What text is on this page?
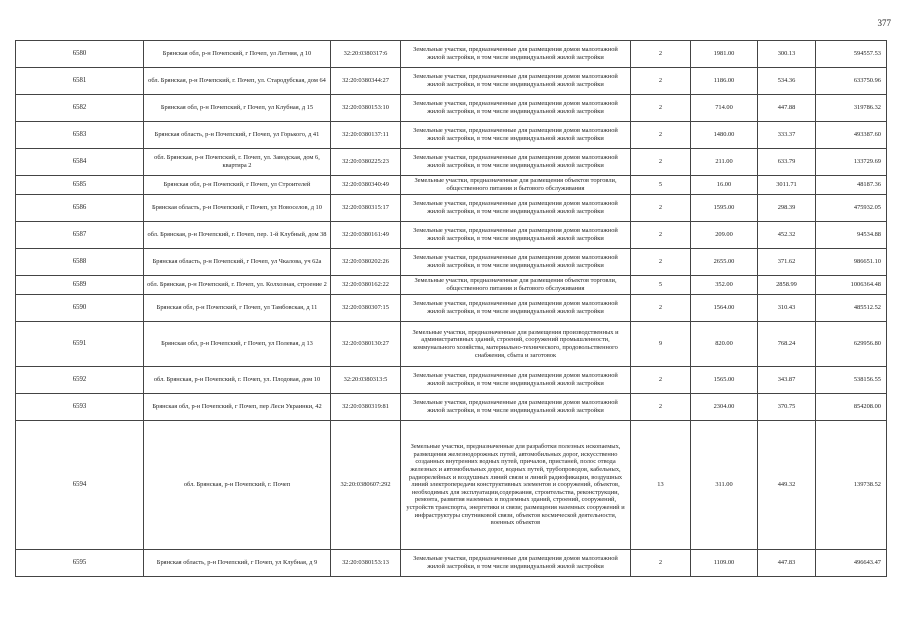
377
6580	Брянская обл, р-н Почепский, г Почеп, ул Летняя, д 10	32:20:0380317:6	Земельные участки, предназначенные для размещения домов малоэтажной жилой застройки, в том числе индивидуальной жилой застройки	2	1981.00	300.13	594557.53
6581	обл. Брянская, р-н Почепский, г. Почеп, ул. Стародубская, дом 64	32:20:0380344:27	Земельные участки, предназначенные для размещения домов малоэтажной жилой застройки, в том числе индивидуальной жилой застройки	2	1186.00	534.36	633750.96
6582	Брянская обл, р-н Почепский, г Почеп, ул Клубная, д 15	32:20:0380153:10	Земельные участки, предназначенные для размещения домов малоэтажной жилой застройки, в том числе индивидуальной жилой застройки	2	714.00	447.88	319786.32
6583	Брянская область, р-н Почепский, г Почеп, ул Горького, д 41	32:20:0380137:11	Земельные участки, предназначенные для размещения домов малоэтажной жилой застройки, в том числе индивидуальной жилой застройки	2	1480.00	333.37	493387.60
6584	обл. Брянская, р-н Почепский, г. Почеп, ул. Заводская, дом 6, квартира 2	32:20:0380225:23	Земельные участки, предназначенные для размещения домов малоэтажной жилой застройки, в том числе индивидуальной жилой застройки	2	211.00	633.79	133729.69
6585	Брянская обл, р-н Почепский, г Почеп, ул Строителей	32:20:0380340:49	Земельные участки, предназначенные для размещения объектов торговли, общественного питания и бытового обслуживания	5	16.00	3011.71	48187.36
6586	Брянская область, р-н Почепский, г Почеп, ул Новоселов, д 10	32:20:0380315:17	Земельные участки, предназначенные для размещения домов малоэтажной жилой застройки, в том числе индивидуальной жилой застройки	2	1595.00	298.39	475932.05
6587	обл. Брянская, р-н Почепский, г. Почеп, пер. 1-й Клубный, дом 38	32:20:0380161:49	Земельные участки, предназначенные для размещения домов малоэтажной жилой застройки, в том числе индивидуальной жилой застройки	2	209.00	452.32	94534.88
6588	Брянская область, р-н Почепский, г Почеп, ул Чкалова, уч 62а	32:20:0380202:26	Земельные участки, предназначенные для размещения домов малоэтажной жилой застройки, в том числе индивидуальной жилой застройки	2	2655.00	371.62	986651.10
6589	обл. Брянская, р-н Почепский, г. Почеп, ул. Колхозная, строение 2	32:20:0380162:22	Земельные участки, предназначенные для размещения объектов торговли, общественного питания и бытового обслуживания	5	352.00	2858.99	1006364.48
6590	Брянская обл, р-н Почепский, г Почеп, ул Тамбовская, д 11	32:20:0380307:15	Земельные участки, предназначенные для размещения домов малоэтажной жилой застройки, в том числе индивидуальной жилой застройки	2	1564.00	310.43	485512.52
6591	Брянская обл, р-н Почепский, г Почеп, ул Полевая, д 13	32:20:0380130:27	Земельные участки, предназначенные для размещения производственных и административных зданий, строений, сооружений промышленности, коммунального хозяйства, материально-технического, продовольственного снабжения, сбыта и заготовок	9	820.00	768.24	629956.80
6592	обл. Брянская, р-н Почепский, г. Почеп, ул. Плодовая, дом 10	32:20:0380313:5	Земельные участки, предназначенные для размещения домов малоэтажной жилой застройки, в том числе индивидуальной жилой застройки	2	1565.00	343.87	538156.55
6593	Брянская обл, р-н Почепский, г Почеп, пер Леси Украинки, 42	32:20:0380319:81	Земельные участки, предназначенные для размещения домов малоэтажной жилой застройки, в том числе индивидуальной жилой застройки	2	2304.00	370.75	854208.00
6594	обл. Брянская, р-н Почепский, г. Почеп	32:20:0380607:292	Земельные участки, предназначенные для разработки полезных ископаемых, размещения железнодорожных путей, автомобильных дорог, искусственно созданных внутренних водных путей, причалов, пристаней, полос отвода железных и автомобильных дорог, водных путей, трубопроводов, кабельных, радиорелейных и воздушных линий связи и линий радиофикации, воздушных линий электропередачи конструктивных элементов и сооружений, объектов, необходимых для эксплуатации,содержания, строительства, реконструкции, ремонта, развития наземных и подземных зданий, строений, сооружений, устройств транспорта, энергетики и связи; размещения наземных сооружений и инфраструктуры спутниковой связи, объектов космической деятельности, военных объектов	13	311.00	449.32	139738.52
6595	Брянская область, р-н Почепский, г Почеп, ул Клубная, д 9	32:20:0380153:13	Земельные участки, предназначенные для размещения домов малоэтажной жилой застройки, в том числе индивидуальной жилой застройки	2	1109.00	447.83	496643.47
